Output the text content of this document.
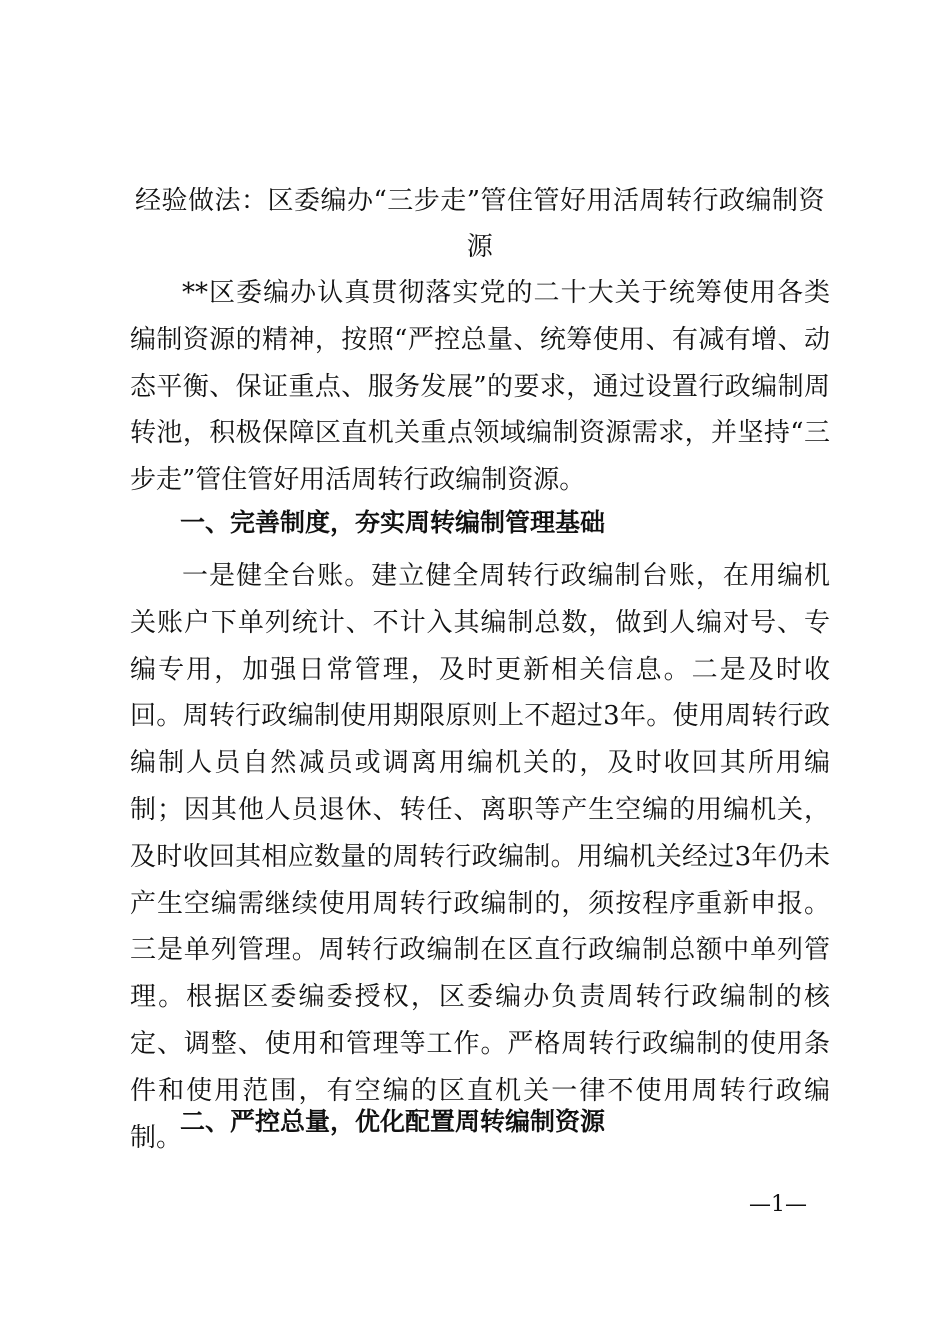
经验做法：区委编办“三步走”管住管好用活周转行政编制资源
**区委编办认真贯彻落实党的二十大关于统筹使用各类编制资源的精神，按照“严控总量、统筹使用、有减有增、动态平衡、保证重点、服务发展”的要求，通过设置行政编制周转池，积极保障区直机关重点领域编制资源需求，并坚持“三步走”管住管好用活周转行政编制资源。
一、完善制度，夯实周转编制管理基础
一是健全台账。建立健全周转行政编制台账，在用编机关账户下单列统计、不计入其编制总数，做到人编对号、专编专用，加强日常管理，及时更新相关信息。二是及时收回。周转行政编制使用期限原则上不超过3年。使用周转行政编制人员自然减员或调离用编机关的，及时收回其所用编制；因其他人员退休、转任、离职等产生空编的用编机关，及时收回其相应数量的周转行政编制。用编机关经过3年仍未产生空编需继续使用周转行政编制的，须按程序重新申报。三是单列管理。周转行政编制在区直行政编制总额中单列管理。根据区委编委授权，区委编办负责周转行政编制的核定、调整、使用和管理等工作。严格周转行政编制的使用条件和使用范围，有空编的区直机关一律不使用周转行政编制。
二、严控总量，优化配置周转编制资源
—1—
